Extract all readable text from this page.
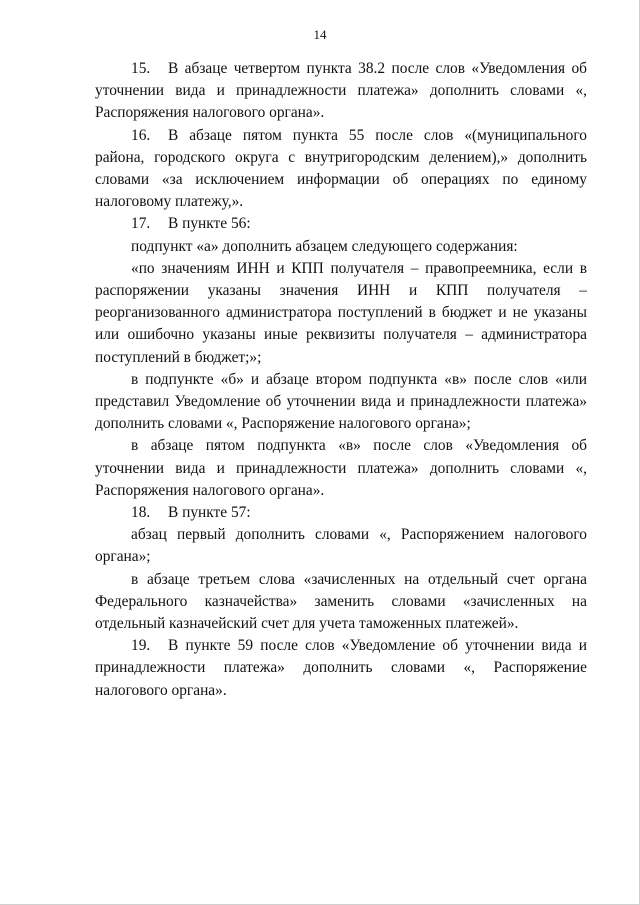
14

15. В абзаце четвертом пункта 38.2 после слов «Уведомления об уточнении вида и принадлежности платежа» дополнить словами «, Распоряжения налогового органа».

16. В абзаце пятом пункта 55 после слов «(муниципального района, городского округа с внутригородским делением),» дополнить словами «за исключением информации об операциях по единому налоговому платежу,».

17. В пункте 56:

подпункт «а» дополнить абзацем следующего содержания:

«по значениям ИНН и КПП получателя – правопреемника, если в распоряжении указаны значения ИНН и КПП получателя – реорганизованного администратора поступлений в бюджет и не указаны или ошибочно указаны иные реквизиты получателя – администратора поступлений в бюджет;»;

в подпункте «б» и абзаце втором подпункта «в» после слов «или представил Уведомление об уточнении вида и принадлежности платежа» дополнить словами «, Распоряжение налогового органа»;

в абзаце пятом подпункта «в» после слов «Уведомления об уточнении вида и принадлежности платежа» дополнить словами «, Распоряжения налогового органа».

18. В пункте 57:

абзац первый дополнить словами «, Распоряжением налогового органа»;

в абзаце третьем слова «зачисленных на отдельный счет органа Федерального казначейства» заменить словами «зачисленных на отдельный казначейский счет для учета таможенных платежей».

19. В пункте 59 после слов «Уведомление об уточнении вида и принадлежности платежа» дополнить словами «, Распоряжение налогового органа».
